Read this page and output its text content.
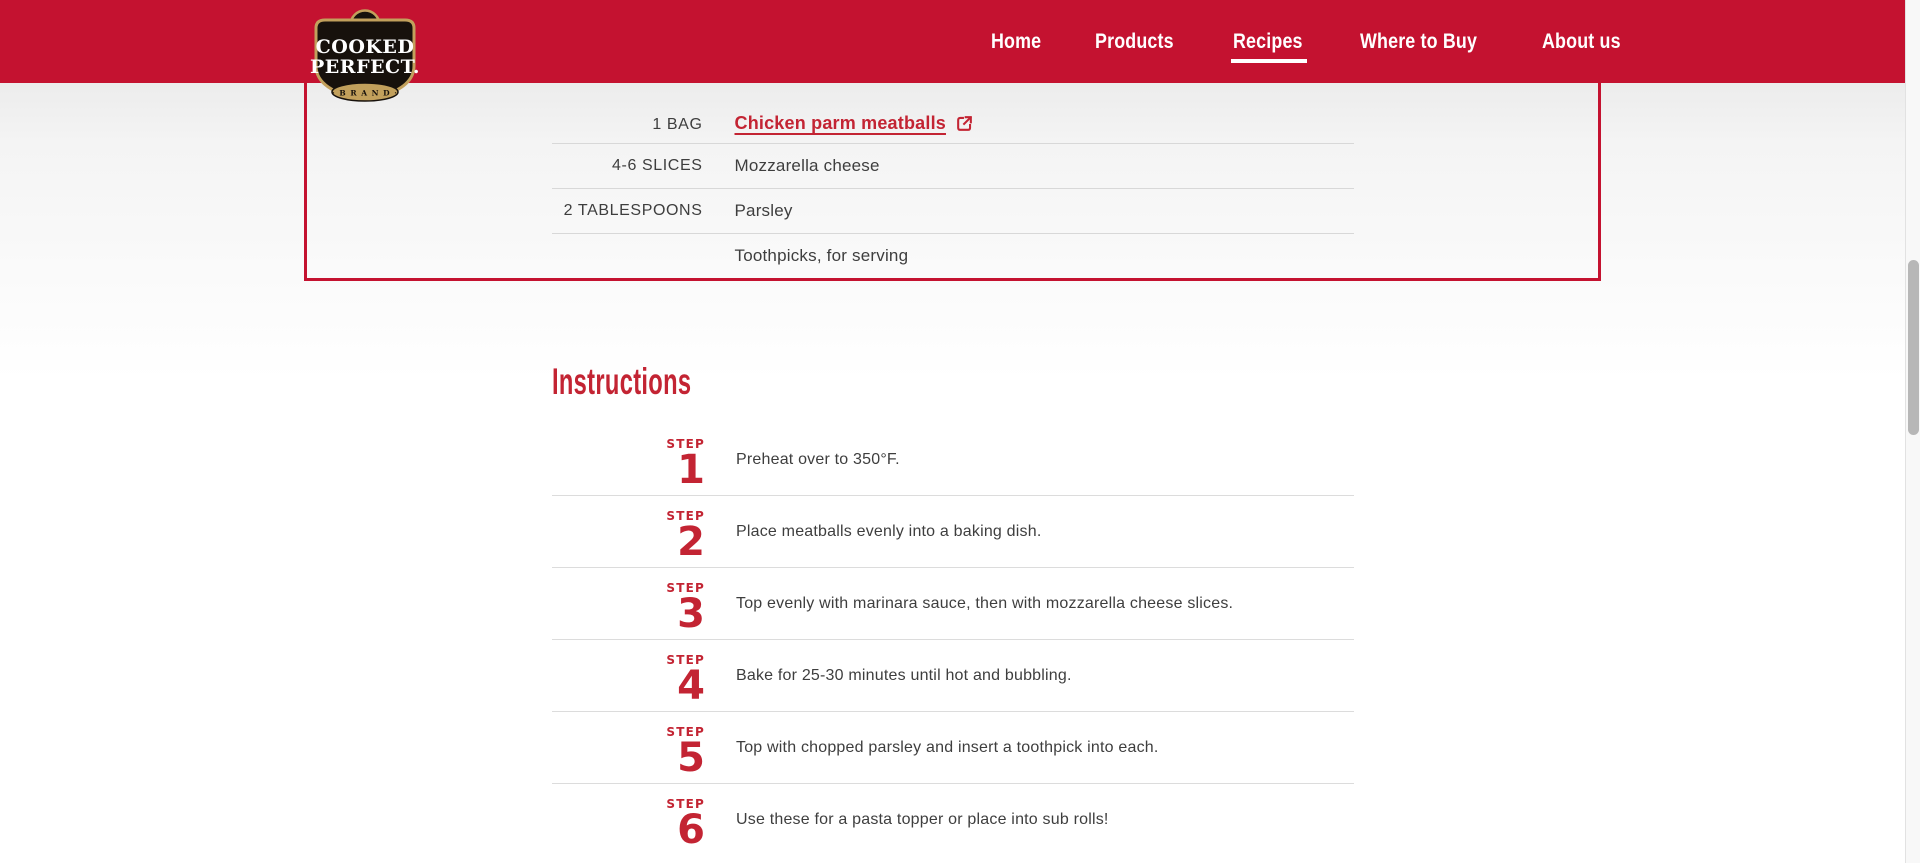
Home	Products	Recipes	Where to Buy	About us
COOKED
PERFECT.
· B R A N D ·
1 BAG Chicken parm meatballs
4-6 SLICES Mozzarella cheese
2 TABLESPOONS Parsley
Toothpicks, for serving
Instructions
STEP
1 Preheat over to 350°F.
STEP
2 Place meatballs evenly into a baking dish.
STEP
3 Top evenly with marinara sauce, then with mozzarella cheese slices.
STEP
4 Bake for 25-30 minutes until hot and bubbling.
STEP
5 Top with chopped parsley and insert a toothpick into each.
STEP
6 Use these for a pasta topper or place into sub rolls!
